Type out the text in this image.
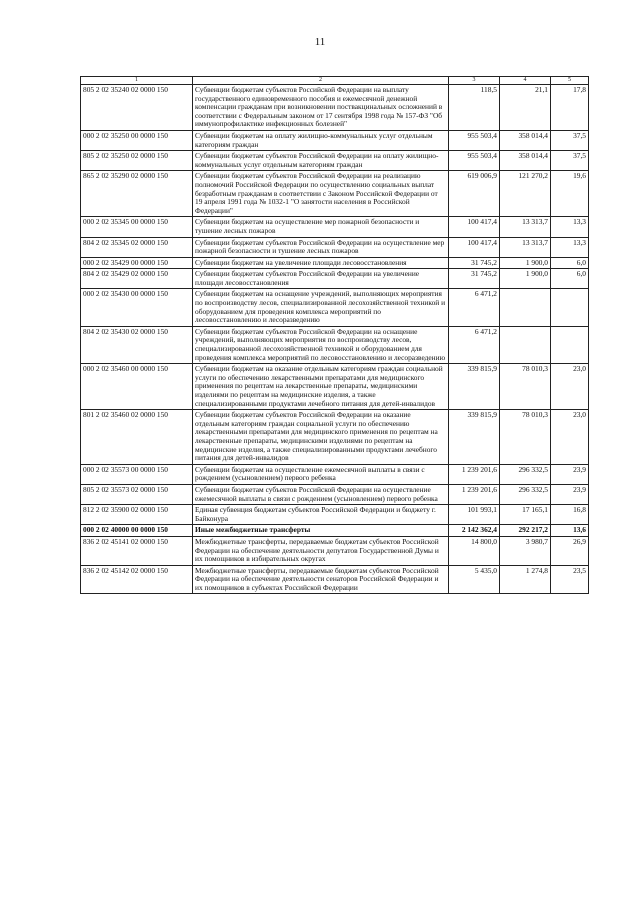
11
1	2	3	4	5
805 2 02 35240 02 0000 150	Субвенции бюджетам субъектов Российской Федерации на выплату государственного единовременного пособия и ежемесячной денежной компенсации гражданам при возникновении поствакцинальных осложнений в соответствии с Федеральным законом от 17 сентября 1998 года № 157-ФЗ "Об иммунопрофилактике инфекционных болезней"	118,5	21,1	17,8
000 2 02 35250 00 0000 150	Субвенции бюджетам на оплату жилищно-коммунальных услуг отдельным категориям граждан	955 503,4	358 014,4	37,5
805 2 02 35250 02 0000 150	Субвенции бюджетам субъектов Российской Федерации на оплату жилищно-коммунальных услуг отдельным категориям граждан	955 503,4	358 014,4	37,5
865 2 02 35290 02 0000 150	Субвенции бюджетам субъектов Российской Федерации на реализацию полномочий Российской Федерации по осуществлению социальных выплат безработным гражданам в соответствии с Законом Российской Федерации от 19 апреля 1991 года № 1032-1 "О занятости населения в Российской Федерации"	619 006,9	121 270,2	19,6
000 2 02 35345 00 0000 150	Субвенции бюджетам на осуществление мер пожарной безопасности и тушение лесных пожаров	100 417,4	13 313,7	13,3
804 2 02 35345 02 0000 150	Субвенции бюджетам субъектов Российской Федерации на осуществление мер пожарной безопасности и тушение лесных пожаров	100 417,4	13 313,7	13,3
000 2 02 35429 00 0000 150	Субвенции бюджетам на увеличение площади лесовосстановления	31 745,2	1 900,0	6,0
804 2 02 35429 02 0000 150	Субвенции бюджетам субъектов Российской Федерации на увеличение площади лесовосстановления	31 745,2	1 900,0	6,0
000 2 02 35430 00 0000 150	Субвенции бюджетам на оснащение учреждений, выполняющих мероприятия по воспроизводству лесов, специализированной лесохозяйственной техникой и оборудованием для проведения комплекса мероприятий по лесовосстановлению и лесоразведению	6 471,2		
804 2 02 35430 02 0000 150	Субвенции бюджетам субъектов Российской Федерации на оснащение учреждений, выполняющих мероприятия по воспроизводству лесов, специализированной лесохозяйственной техникой и оборудованием для проведения комплекса мероприятий по лесовосстановлению и лесоразведению	6 471,2		
000 2 02 35460 00 0000 150	Субвенции бюджетам на оказание отдельным категориям граждан социальной услуги по обеспечению лекарственными препаратами для медицинского применения по рецептам на лекарственные препараты, медицинскими изделиями по рецептам на медицинские изделия, а также специализированными продуктами лечебного питания для детей-инвалидов	339 815,9	78 010,3	23,0
801 2 02 35460 02 0000 150	Субвенции бюджетам субъектов Российской Федерации на оказание отдельным категориям граждан социальной услуги по обеспечению лекарственными препаратами для медицинского применения по рецептам на лекарственные препараты, медицинскими изделиями по рецептам на медицинские изделия, а также специализированными продуктами лечебного питания для детей-инвалидов	339 815,9	78 010,3	23,0
000 2 02 35573 00 0000 150	Субвенции бюджетам на осуществление ежемесячной выплаты в связи с рождением (усыновлением) первого ребенка	1 239 201,6	296 332,5	23,9
805 2 02 35573 02 0000 150	Субвенции бюджетам субъектов Российской Федерации на осуществление ежемесячной выплаты в связи с рождением (усыновлением) первого ребенка	1 239 201,6	296 332,5	23,9
812 2 02 35900 02 0000 150	Единая субвенция бюджетам субъектов Российской Федерации и бюджету г. Байконура	101 993,1	17 165,1	16,8
000 2 02 40000 00 0000 150	Иные межбюджетные трансферты	2 142 362,4	292 217,2	13,6
836 2 02 45141 02 0000 150	Межбюджетные трансферты, передаваемые бюджетам субъектов Российской Федерации на обеспечение деятельности депутатов Государственной Думы и их помощников в избирательных округах	14 800,0	3 980,7	26,9
836 2 02 45142 02 0000 150	Межбюджетные трансферты, передаваемые бюджетам субъектов Российской Федерации на обеспечение деятельности сенаторов Российской Федерации и их помощников в субъектах Российской Федерации	5 435,0	1 274,8	23,5
